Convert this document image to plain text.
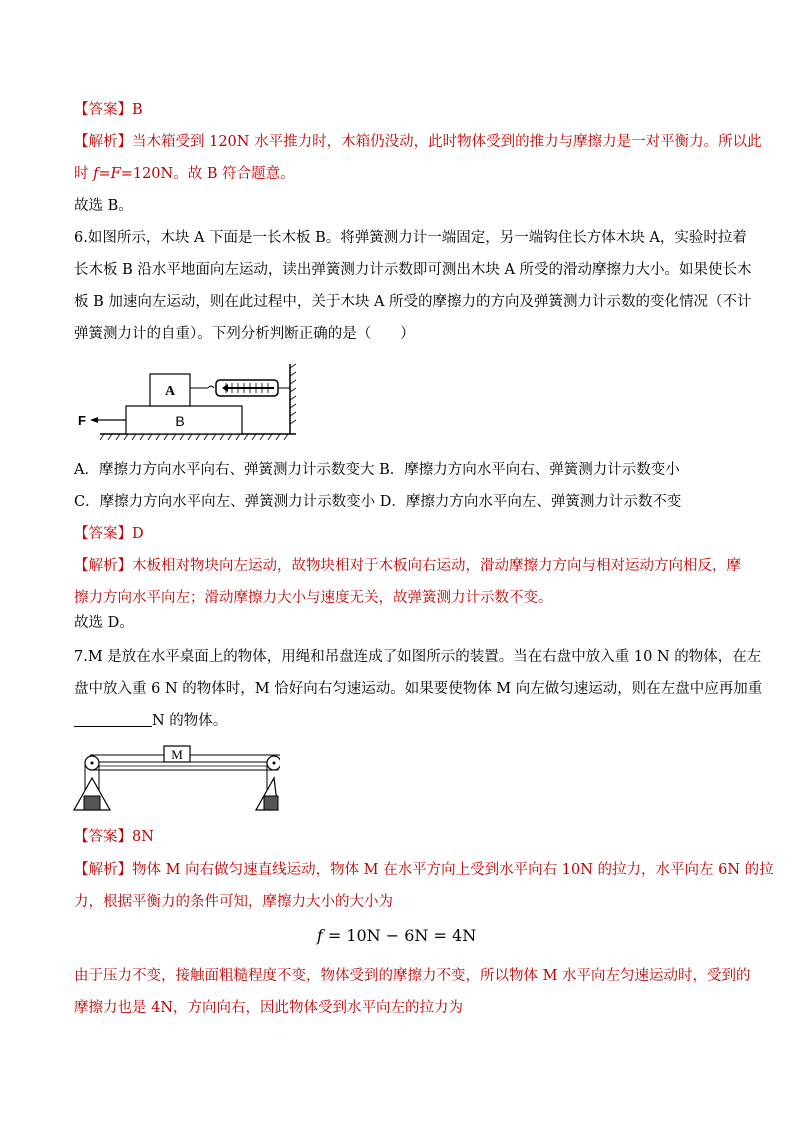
【答案】B
【解析】当木箱受到 120N 水平推力时，木箱仍没动，此时物体受到的推力与摩擦力是一对平衡力。所以此
时 f=F=120N。故 B 符合题意。
故选 B。
6.如图所示，木块 A 下面是一长木板 B。将弹簧测力计一端固定，另一端钩住长方体木块 A，实验时拉着
长木板 B 沿水平地面向左运动，读出弹簧测力计示数即可测出木块 A 所受的滑动摩擦力大小。如果使长木
板 B 加速向左运动，则在此过程中，关于木块 A 所受的摩擦力的方向及弹簧测力计示数的变化情况（不计
弹簧测力计的自重）。下列分析判断正确的是（　　）
B
A
F
A．摩擦力方向水平向右、弹簧测力计示数变大 B．摩擦力方向水平向右、弹簧测力计示数变小
C．摩擦力方向水平向左、弹簧测力计示数变小 D．摩擦力方向水平向左、弹簧测力计示数不变
【答案】D
【解析】木板相对物块向左运动，故物块相对于木板向右运动，滑动摩擦力方向与相对运动方向相反，摩
擦力方向水平向左；滑动摩擦力大小与速度无关，故弹簧测力计示数不变。
故选 D。
7.M 是放在水平桌面上的物体，用绳和吊盘连成了如图所示的装置。当在右盘中放入重 10 N 的物体，在左
盘中放入重 6 N 的物体时，M 恰好向右匀速运动。如果要使物体 M 向左做匀速运动，则在左盘中应再加重
N 的物体。
M
【答案】8N
【解析】物体 M 向右做匀速直线运动，物体 M 在水平方向上受到水平向右 10N 的拉力，水平向左 6N 的拉
力，根据平衡力的条件可知，摩擦力大小的大小为
f = 10N − 6N = 4N
由于压力不变，接触面粗糙程度不变，物体受到的摩擦力不变，所以物体 M 水平向左匀速运动时，受到的
摩擦力也是 4N，方向向右，因此物体受到水平向左的拉力为
